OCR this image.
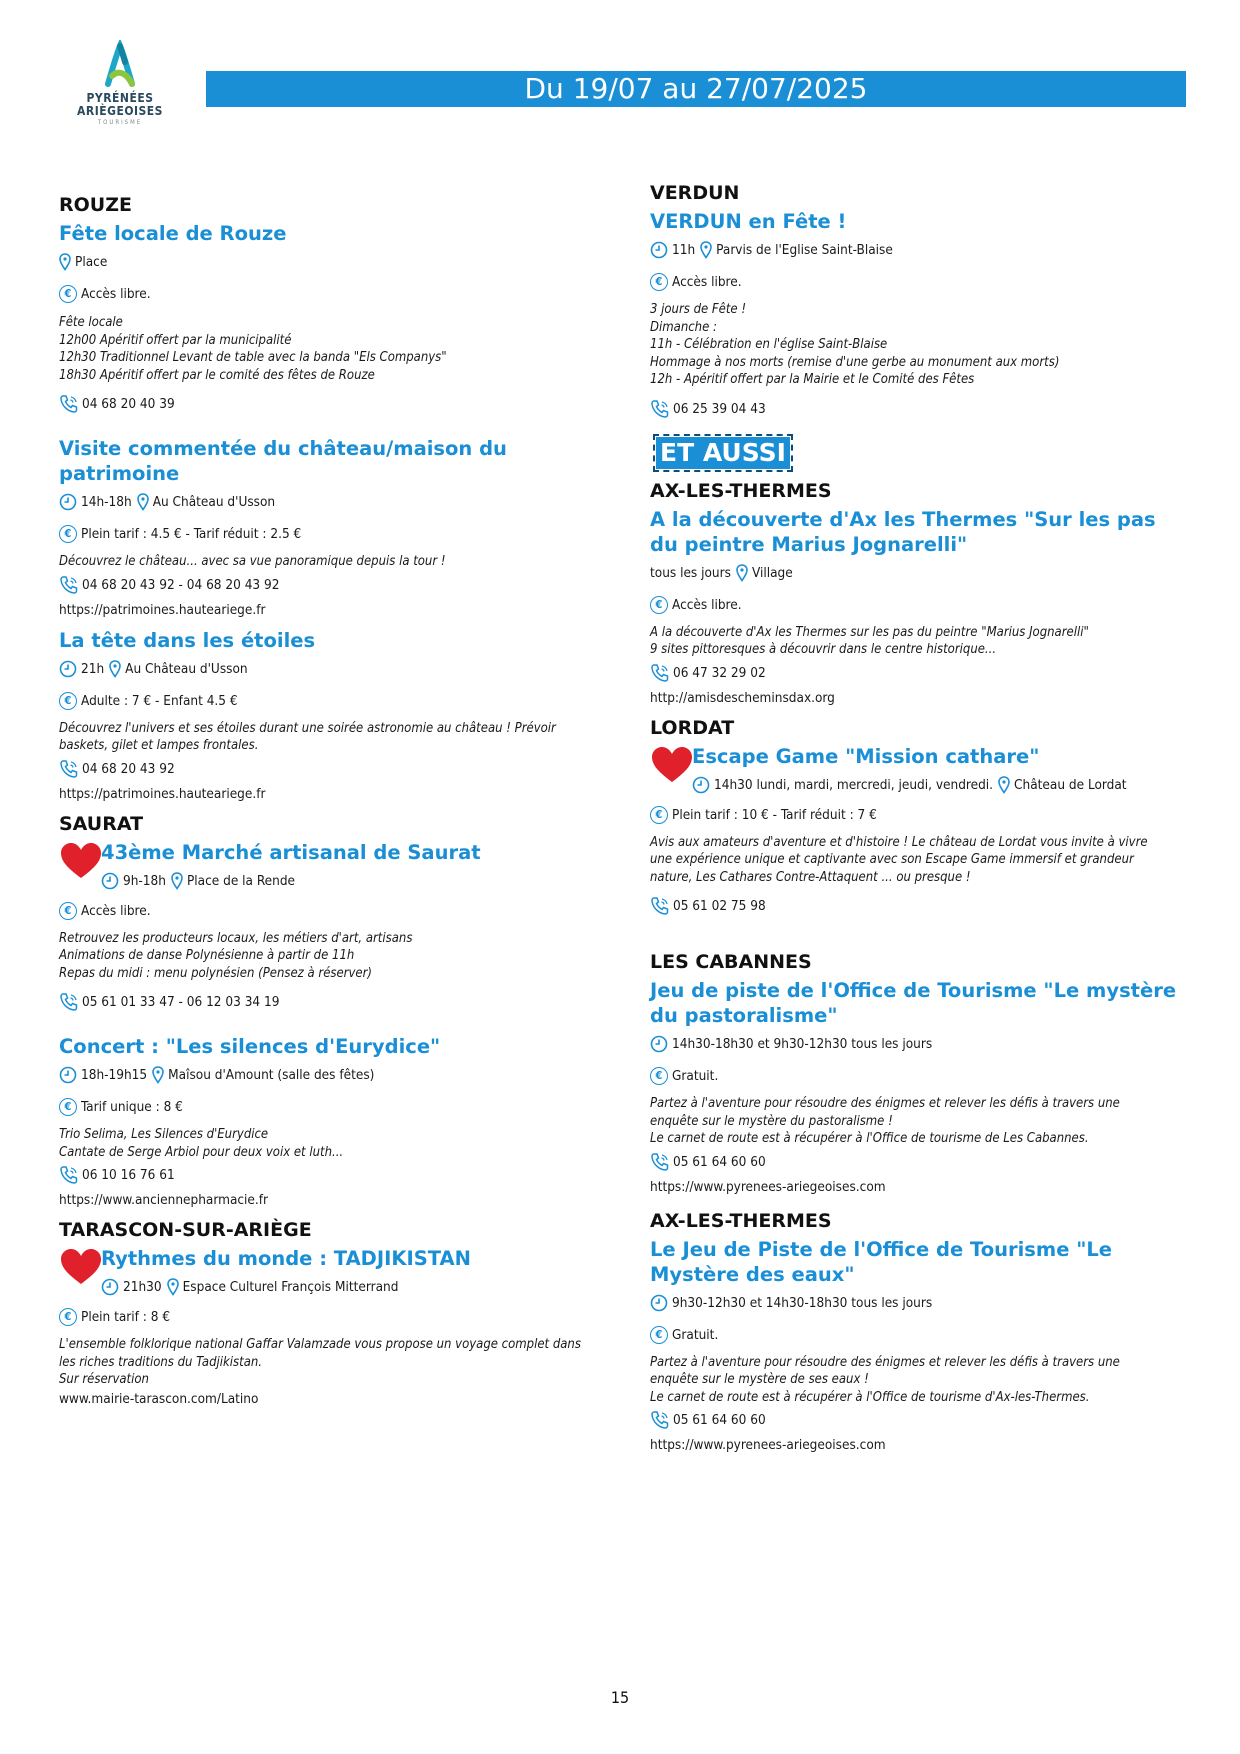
PYRÉNÉES
ARIÈGEOISES
TOURISME
Du 19/07 au 27/07/2025
ROUZE
Fête locale de Rouze
Place
€ Accès libre.
Fête locale
12h00 Apéritif offert par la municipalité
12h30 Traditionnel Levant de table avec la banda "Els Companys"
18h30 Apéritif offert par le comité des fêtes de Rouze
04 68 20 40 39
Visite commentée du château/maison du patrimoine
14h-18h Au Château d'Usson
€ Plein tarif : 4.5 € - Tarif réduit : 2.5 €
Découvrez le château... avec sa vue panoramique depuis la tour !
04 68 20 43 92 - 04 68 20 43 92
https://patrimoines.hauteariege.fr
La tête dans les étoiles
21h Au Château d'Usson
€ Adulte : 7 € - Enfant 4.5 €
Découvrez l'univers et ses étoiles durant une soirée astronomie au château ! Prévoir
baskets, gilet et lampes frontales.
04 68 20 43 92
https://patrimoines.hauteariege.fr
SAURAT
43ème Marché artisanal de Saurat
9h-18h Place de la Rende
€ Accès libre.
Retrouvez les producteurs locaux, les métiers d'art, artisans
Animations de danse Polynésienne à partir de 11h
Repas du midi : menu polynésien (Pensez à réserver)
05 61 01 33 47 - 06 12 03 34 19
Concert : "Les silences d'Eurydice"
18h-19h15 Maîsou d'Amount (salle des fêtes)
€ Tarif unique : 8 €
Trio Selima, Les Silences d'Eurydice
Cantate de Serge Arbiol pour deux voix et luth...
06 10 16 76 61
https://www.anciennepharmacie.fr
TARASCON-SUR-ARIÈGE
Rythmes du monde : TADJIKISTAN
21h30 Espace Culturel François Mitterrand
€ Plein tarif : 8 €
L'ensemble folklorique national Gaffar Valamzade vous propose un voyage complet dans
les riches traditions du Tadjikistan.
Sur réservation
www.mairie-tarascon.com/Latino
VERDUN
VERDUN en Fête !
11h Parvis de l'Eglise Saint-Blaise
€ Accès libre.
3 jours de Fête !
Dimanche :
11h - Célébration en l'église Saint-Blaise
Hommage à nos morts (remise d'une gerbe au monument aux morts)
12h - Apéritif offert par la Mairie et le Comité des Fêtes
06 25 39 04 43
ET AUSSI
AX-LES-THERMES
A la découverte d'Ax les Thermes "Sur les pas du peintre Marius Jognarelli"
tous les jours Village
€ Accès libre.
A la découverte d'Ax les Thermes sur les pas du peintre "Marius Jognarelli"
9 sites pittoresques à découvrir dans le centre historique...
06 47 32 29 02
http://amisdescheminsdax.org
LORDAT
Escape Game "Mission cathare"
14h30 lundi, mardi, mercredi, jeudi, vendredi. Château de Lordat
€ Plein tarif : 10 € - Tarif réduit : 7 €
Avis aux amateurs d'aventure et d'histoire ! Le château de Lordat vous invite à vivre
une expérience unique et captivante avec son Escape Game immersif et grandeur
nature, Les Cathares Contre-Attaquent ... ou presque !
05 61 02 75 98
LES CABANNES
Jeu de piste de l'Office de Tourisme "Le mystère du pastoralisme"
14h30-18h30 et 9h30-12h30 tous les jours
€ Gratuit.
Partez à l'aventure pour résoudre des énigmes et relever les défis à travers une
enquête sur le mystère du pastoralisme !
Le carnet de route est à récupérer à l'Office de tourisme de Les Cabannes.
05 61 64 60 60
https://www.pyrenees-ariegeoises.com
AX-LES-THERMES
Le Jeu de Piste de l'Office de Tourisme "Le Mystère des eaux"
9h30-12h30 et 14h30-18h30 tous les jours
€ Gratuit.
Partez à l'aventure pour résoudre des énigmes et relever les défis à travers une
enquête sur le mystère de ses eaux !
Le carnet de route est à récupérer à l'Office de tourisme d'Ax-les-Thermes.
05 61 64 60 60
https://www.pyrenees-ariegeoises.com
15
